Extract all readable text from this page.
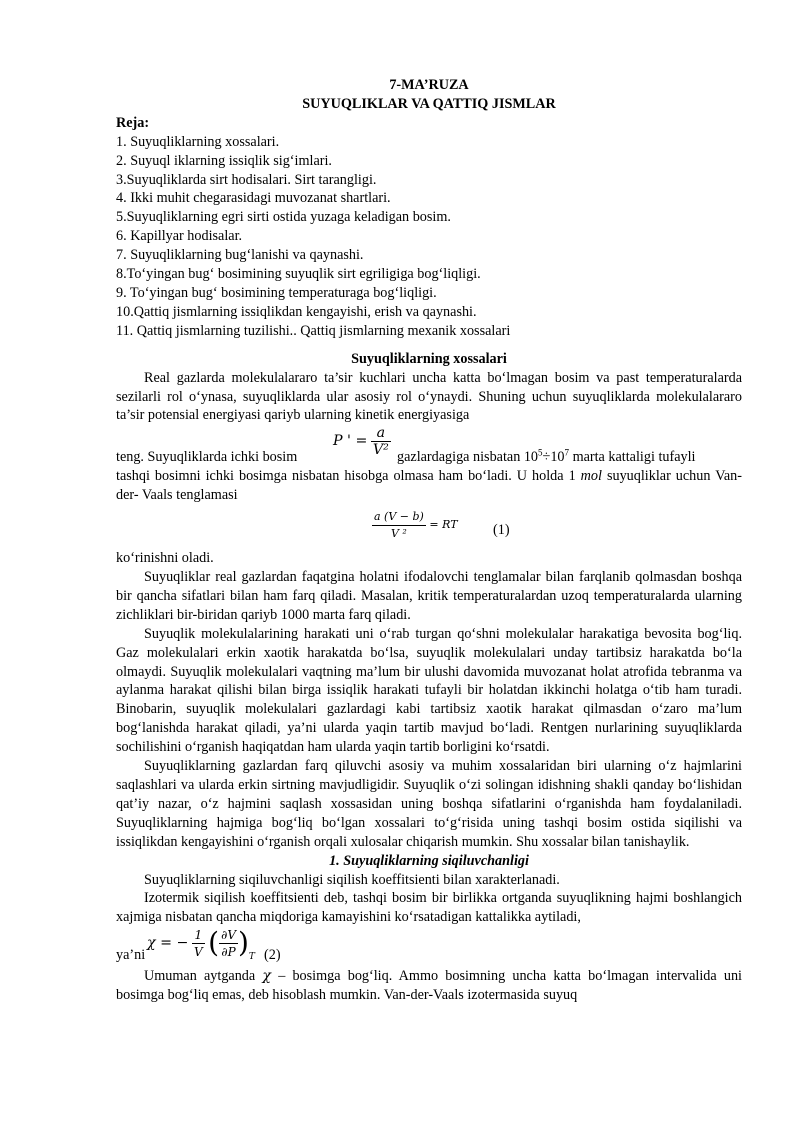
7-MA’RUZA
SUYUQLIKLAR VA QATTIQ JISMLAR
Reja:
1. Suyuqliklarning xossalari.
2. Suyuql iklarning issiqlik sig‘imlari.
3.Suyuqliklarda sirt hodisalari. Sirt tarangligi.
4. Ikki muhit chegarasidagi muvozanat shartlari.
5.Suyuqliklarning egri sirti ostida yuzaga keladigan bosim.
6. Kapillyar hodisalar.
7. Suyuqliklarning bug‘lanishi va qaynashi.
8.To‘yingan bug‘ bosimining suyuqlik sirt egriligiga bog‘liqligi.
9. To‘yingan bug‘ bosimining temperaturaga bog‘liqligi.
10.Qattiq jismlarning issiqlikdan kengayishi, erish va qaynashi.
11. Qattiq jismlarning tuzilishi.. Qattiq jismlarning mexanik xossalari
Suyuqliklarning xossalari

Real gazlarda molekulalararo ta’sir kuchlari uncha katta bo‘lmagan bosim va past temperaturalarda sezilarli rol o‘ynasa, suyuqliklarda ular asosiy rol o‘ynaydi. Shuning uchun suyuqliklarda molekulalararo ta’sir potensial energiyasi qariyb ularning kinetik energiyasiga

teng. Suyuqliklarda ichki bosim
P ' = $\frac{a}{\text{V²}}$ gazlardagiga nisbatan $10^5\div 10^7$ marta kattaligi tufayli

tashqi bosimni ichki bosimga nisbatan hisobga olmasa ham bo‘ladi. U holda 1 mol suyuqliklar uchun Van-der- Vaals tenglamasi

$\frac{a (V - b)}{\text{V ²}}$ = RT (1)

ko‘rinishni oladi.

Suyuqliklar real gazlardan faqatgina holatni ifodalovchi tenglamalar bilan farqlanib qolmasdan boshqa bir qancha sifatlari bilan ham farq qiladi. Masalan, kritik temperaturalardan uzoq temperaturalarda ularning zichliklari bir-biridan qariyb 1000 marta farq qiladi.

Suyuqlik molekulalarining harakati uni o‘rab turgan qo‘shni molekulalar harakatiga bevosita bog‘liq. Gaz molekulalari erkin xaotik harakatda bo‘lsa, suyuqlik molekulalari unday tartibsiz harakatda bo‘la olmaydi. Suyuqlik molekulalari vaqtning ma’lum bir ulushi davomida muvozanat holat atrofida tebranma va aylanma harakat qilishi bilan birga issiqlik harakati tufayli bir holatdan ikkinchi holatga o‘tib ham turadi. Binobarin, suyuqlik molekulalari gazlardagi kabi tartibsiz xaotik harakat qilmasdan o‘zaro ma’lum bog‘lanishda harakat qiladi, ya’ni ularda yaqin tartib mavjud bo‘ladi. Rentgen nurlarining suyuqliklarda sochilishini o‘rganish haqiqatdan ham ularda yaqin tartib borligini ko‘rsatdi.

Suyuqliklarning gazlardan farq qiluvchi asosiy va muhim xossalaridan biri ularning o‘z hajmlarini saqlashlari va ularda erkin sirtning mavjudligidir. Suyuqlik o‘zi solingan idishning shakli qanday bo‘lishidan qat’iy nazar, o‘z hajmini saqlash xossasidan uning boshqa sifatlarini o‘rganishda ham foydalaniladi. Suyuqliklarning hajmiga bog‘liq bo‘lgan xossalari to‘g‘risida uning tashqi bosim ostida siqilishi va issiqlikdan kengayishini o‘rganish orqali xulosalar chiqarish mumkin. Shu xossalar bilan tanishaylik.

1. Suyuqliklarning siqiluvchanligi

Suyuqliklarning siqiluvchanligi siqilish koeffitsienti bilan xarakterlanadi.

Izotermik siqilish koeffitsienti deb, tashqi bosim bir birlikka ortganda suyuqlikning hajmi boshlangich xajmiga nisbatan qancha miqdoriga kamayishini ko‘rsatadigan kattalikka aytiladi,

ya’ni
χ = − $\frac{1}{V}$ ( $\frac{\partial V}{\partial P} )_T$ (2)

Umuman aytganda χ – bosimga bog‘liq. Ammo bosimning uncha katta bo‘lmagan intervalida uni bosimga bog‘liq emas, deb hisoblash mumkin. Van-der-Vaals izotermasida suyuq
